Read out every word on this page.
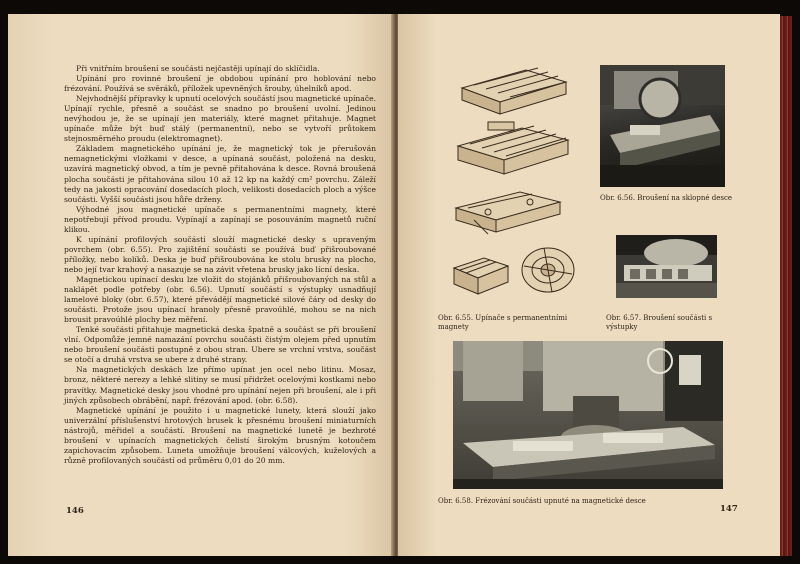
Při vnitřním broušení se součásti nejčastěji upínají do sklíčidla.

Upínání pro rovinné broušení je obdobou upínání pro hoblování nebo frézování. Používá se svěráků, příložek upevněných šrouby, úhelníků apod.

Nejvhodnější přípravky k upnutí ocelových součástí jsou magnetické upínače. Upínají rychle, přesně a součást se snadno po broušení uvolní. Jedinou nevýhodou je, že se upínají jen materiály, které magnet přitahuje. Magnet upínače může být buď stálý (permanentní), nebo se vytvoří průtokem stejnosměrného proudu (elektromagnet).

Základem magnetického upínání je, že magnetický tok je přerušován nemagnetickými vložkami v desce, a upínaná součást, položená na desku, uzavírá magnetický obvod, a tím je pevně přitahována k desce. Rovná broušená plocha součásti je přitahována silou 10 až 12 kp na každý cm² povrchu. Záleží tedy na jakosti opracování dosedacích ploch, velikosti dosedacích ploch a výšce součásti. Vyšší součásti jsou hůře drženy.

Výhodné jsou magnetické upínače s permanentními magnety, které nepotřebují přívod proudu. Vypínají a zapínají se posouváním magnetů ruční klikou.

K upínání profilových součástí slouží magnetické desky s upraveným povrchem (obr. 6.55). Pro zajištění součásti se používá buď přišroubované příložky, nebo kolíků. Deska je buď přišroubována ke stolu brusky na plocho, nebo její tvar krahový a nasazuje se na závit vřetena brusky jako lícní deska.

Magnetickou upínací desku lze vložit do stojánků přišroubovaných na stůl a naklápět podle potřeby (obr. 6.56). Upnutí součástí s výstupky usnadňují lamelové bloky (obr. 6.57), které převádějí magnetické silové čáry od desky do součásti. Protože jsou upínací hranoly přesně pravoúhlé, mohou se na nich brousit pravoúhlé plochy bez měření.

Tenké součásti přitahuje magnetická deska špatně a součást se při broušení vlní. Odpomůže jemné namazání povrchu součásti čistým olejem před upnutím nebo broušení součásti postupně z obou stran. Uberе se vrchní vrstva, součást se otočí a druhá vrstva se ubere z druhé strany.

Na magnetických deskách lze přímo upínat jen ocel nebo litinu. Mosaz, bronz, některé nerezy a lehké slitiny se musí přidržet ocelovými kostkami nebo pravítky. Magnetické desky jsou vhodné pro upínání nejen při broušení, ale i při jiných způsobech obrábění, např. frézování apod. (obr. 6.58).

Magnetické upínání je použito i u magnetické lunety, která slouží jako univerzální příslušenství hrotových brusek k přesnému broušení miniaturních nástrojů, měřidel a součástí. Broušení na magnetické lunetě je bezhroté broušení v upínacích magnetických čelistí širokým brusným kotoučem zapichovacím způsobem. Luneta umožňuje broušení válcových, kuželových a různě profilovaných součástí od průměru 0,01 do 20 mm.

146
Obr. 6.56. Broušení na sklopné desce
Obr. 6.55. Upínače s permanentními magnety
Obr. 6.57. Broušení součásti s výstupky
Obr. 6.58. Frézování součásti upnuté na magnetické desce
147
